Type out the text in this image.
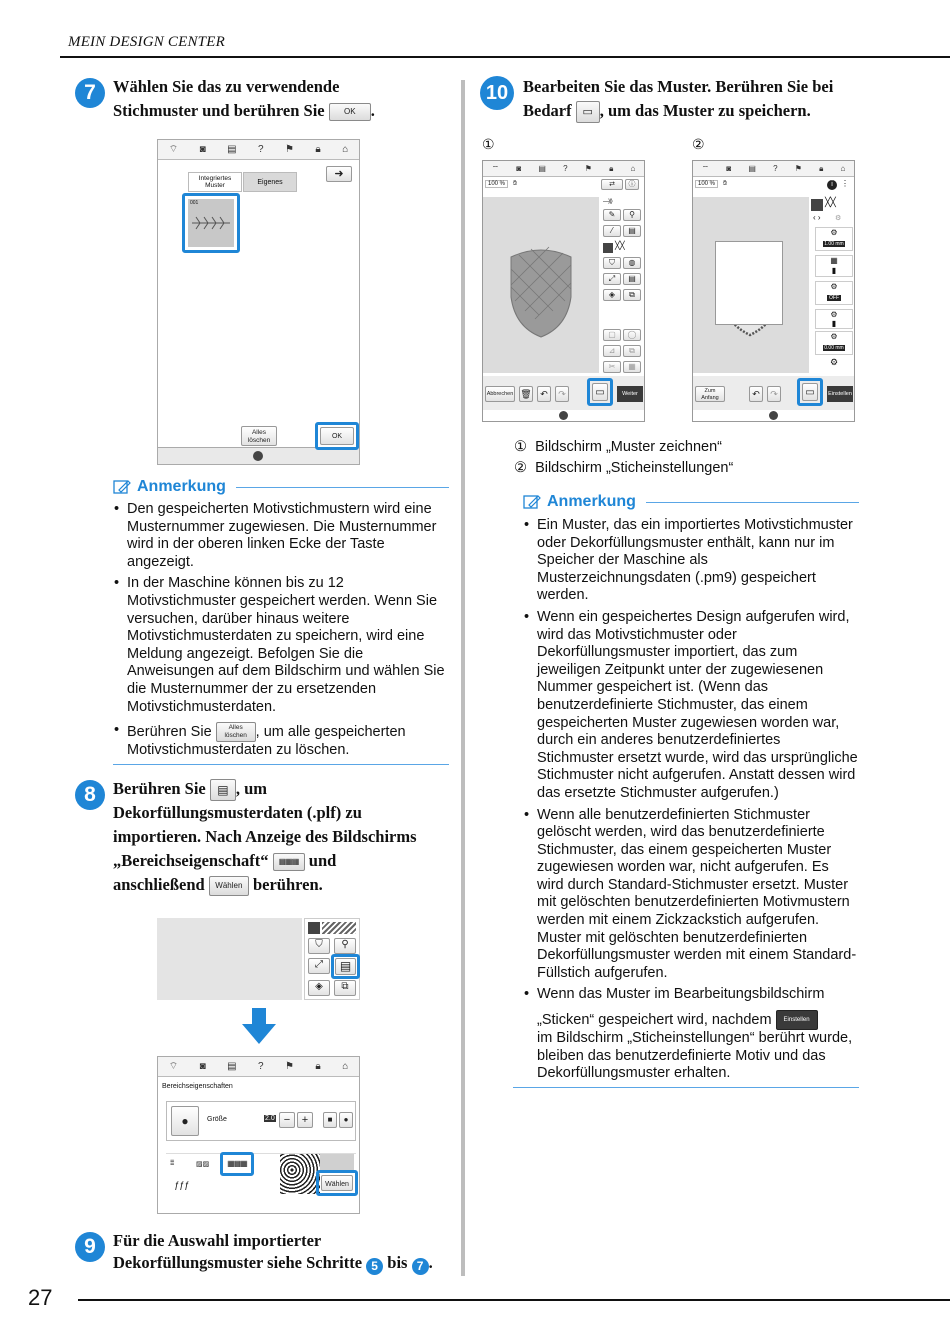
MEIN DESIGN CENTER
7	Wählen Sie das zu verwendende
Stichmuster und berühren Sie OK .
⌔ ◙ ▤ ? ⚑ 🔒︎ ⌂
Integriertes Muster	Eigenes
➜
001
Alles löschen
OK
Anmerkung
• Den gespeicherten Motivstichmustern wird eine Musternummer zugewiesen. Die Musternummer wird in der oberen linken Ecke der Taste angezeigt.
• In der Maschine können bis zu 12 Motivstichmuster gespeichert werden. Wenn Sie versuchen, darüber hinaus weitere Motivstichmusterdaten zu speichern, wird eine Meldung angezeigt. Befolgen Sie die Anweisungen auf dem Bildschirm und wählen Sie die Musternummer der zu ersetzenden Motivstichmusterdaten.
• Berühren Sie	Alles löschen , um alle gespeicherten Motivstichmusterdaten zu löschen.
8	Berühren Sie ▤ , um
Dekorfüllungsmusterdaten (.plf) zu
importieren. Nach Anzeige des Bildschirms
„Bereichseigenschaft“ ▦▦▦ und
anschließend Wählen berühren.
⛉	⚲
⤢	▤
◈	⧉
⌔ ◙ ▤ ? ⚑ 🔒︎ ⌂
Bereichseigenschaften
●	Größe	2.0 −	+	■	●
⦙⦙⦙⦙⦙⦙	▨▨	▦▦▦
ƒƒƒ	Wählen
9	Für die Auswahl importierter
Dekorfüllungsmuster siehe Schritte 5 bis 7 .
10 Bearbeiten Sie das Muster. Berühren Sie bei
Bedarf ▭ , um das Muster zu speichern.
①	②
⌔ ◙ ▤ ? ⚑ 🔒︎ ⌂
100 %	✋︎	⇄	ⓘ
—⟩⟩⟩
✎	⚲
⁄	▤
╳╳
⛉	◍
⤢	▤
◈	⧉
▢	◯
⊿	⧉
✂︎	▦
Abbrechen 🗑︎ ↶	↷	▭	Weiter
⌔ ◙ ▤ ? ⚑ 🔒︎ ⌂
100 %	✋︎	i	⋮
╳╳
‹ › ⚙︎
⚙︎
1.00 mm
▦
▮
⚙︎
OFF
⚙︎
▮
⚙︎
0.00 mm
⚙︎
Zum Anfang	↶	↷	▭	Einstellen
① Bildschirm „Muster zeichnen“
② Bildschirm „Sticheinstellungen“
Anmerkung
• Ein Muster, das ein importiertes Motivstichmuster oder Dekorfüllungsmuster enthält, kann nur im Speicher der Maschine als Musterzeichnungsdaten (.pm9) gespeichert werden.
• Wenn ein gespeichertes Design aufgerufen wird, wird das Motivstichmuster oder Dekorfüllungsmuster importiert, das zum jeweiligen Zeitpunkt unter der zugewiesenen Nummer gespeichert ist. (Wenn das benutzerdefinierte Stichmuster, das einem gespeicherten Muster zugewiesen worden war, durch ein anderes benutzerdefiniertes Stichmuster ersetzt wurde, wird das ursprüngliche Stichmuster nicht aufgerufen. Anstatt dessen wird das ersetzte Stichmuster aufgerufen.)
• Wenn alle benutzerdefinierten Stichmuster gelöscht werden, wird das benutzerdefinierte Stichmuster, das einem gespeicherten Muster zugewiesen worden war, nicht aufgerufen. Es wird durch Standard-Stichmuster ersetzt. Muster mit gelöschten benutzerdefinierten Motivmustern werden mit einem Zickzackstich aufgerufen. Muster mit gelöschten benutzerdefinierten Dekorfüllungsmuster werden mit einem Standard-Füllstich aufgerufen.
• Wenn das Muster im Bearbeitungsbildschirm
„Sticken“ gespeichert wird, nachdem Einstellen
im Bildschirm „Sticheinstellungen“ berührt wurde, bleiben das benutzerdefinierte Motiv und das Dekorfüllungsmuster erhalten.
27
